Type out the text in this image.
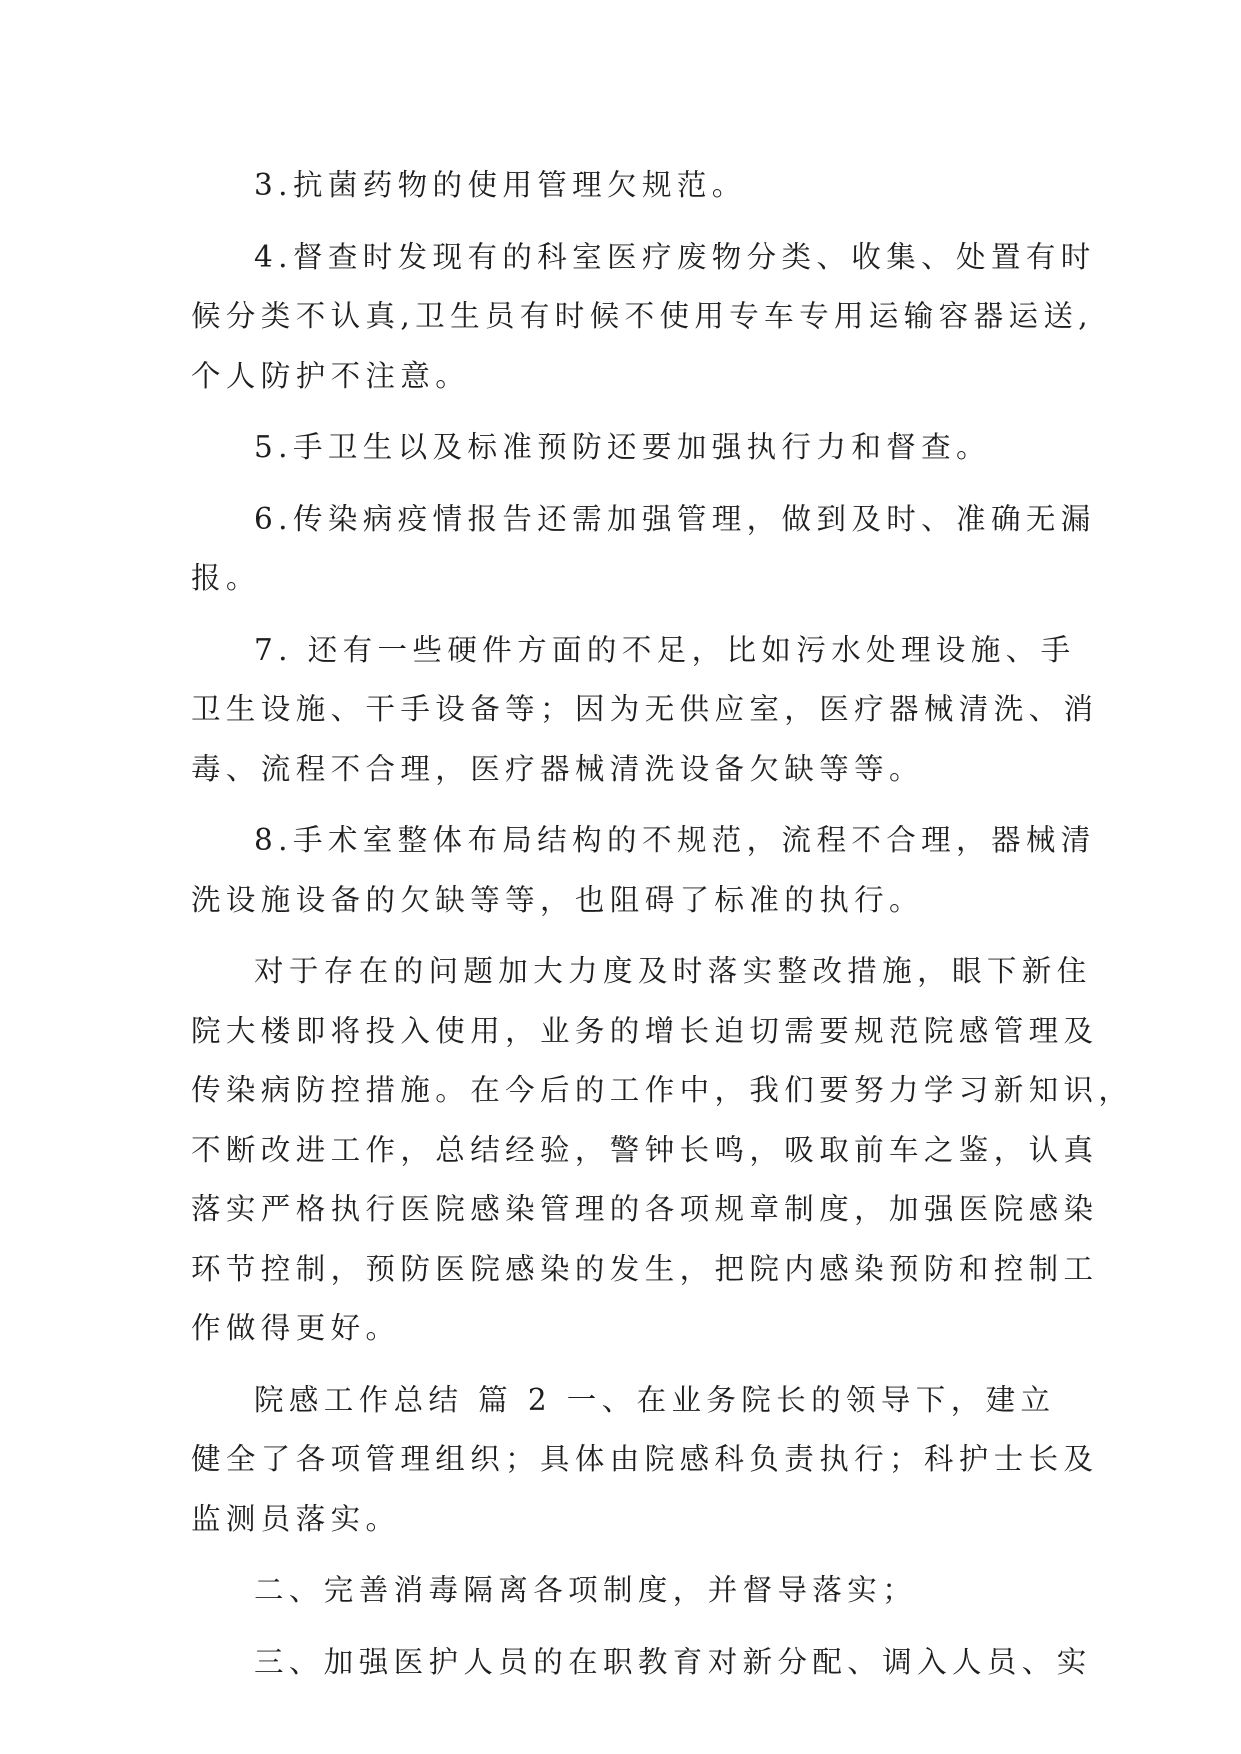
3.抗菌药物的使用管理欠规范。
4.督查时发现有的科室医疗废物分类、收集、处置有时
候分类不认真,卫生员有时候不使用专车专用运输容器运送,
个人防护不注意。
5.手卫生以及标准预防还要加强执行力和督查。
6.传染病疫情报告还需加强管理，做到及时、准确无漏
报。
7. 还有一些硬件方面的不足，比如污水处理设施、手
卫生设施、干手设备等；因为无供应室，医疗器械清洗、消
毒、流程不合理，医疗器械清洗设备欠缺等等。
8.手术室整体布局结构的不规范，流程不合理，器械清
洗设施设备的欠缺等等，也阻碍了标准的执行。
对于存在的问题加大力度及时落实整改措施，眼下新住
院大楼即将投入使用，业务的增长迫切需要规范院感管理及
传染病防控措施。在今后的工作中，我们要努力学习新知识，
不断改进工作，总结经验，警钟长鸣，吸取前车之鉴，认真
落实严格执行医院感染管理的各项规章制度，加强医院感染
环节控制，预防医院感染的发生，把院内感染预防和控制工
作做得更好。
院感工作总结 篇 2 一、在业务院长的领导下，建立
健全了各项管理组织；具体由院感科负责执行；科护士长及
监测员落实。
二、完善消毒隔离各项制度，并督导落实；
三、加强医护人员的在职教育对新分配、调入人员、实
